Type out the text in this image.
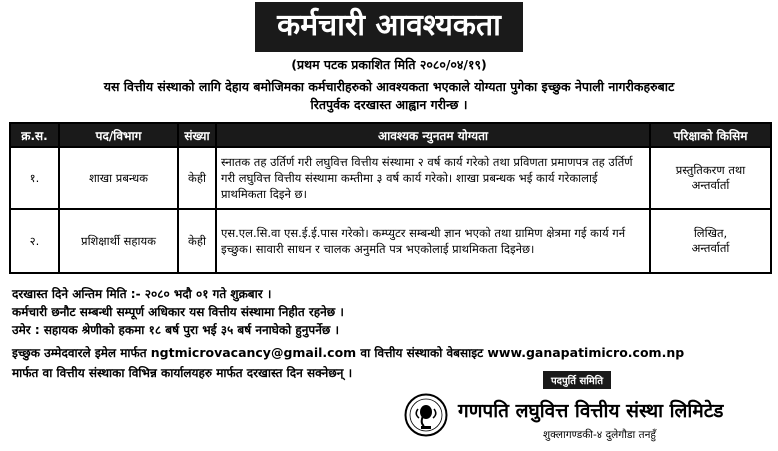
कर्मचारी आवश्यकता
(प्रथम पटक प्रकाशित मिति २०८०/०४/१९)
यस वित्तीय संस्थाको लागि देहाय बमोजिमका कर्मचारीहरुको आवश्यकता भएकाले योग्यता पुगेका इच्छुक नेपाली नागरीकहरुबाट
रितपुर्वक दरखास्त आह्वान गरीन्छ ।
क्र.स.	पद/विभाग	संख्या	आवश्यक न्युनतम योग्यता	परिक्षाको किसिम
१.	शाखा प्रबन्धक	केही	स्नातक तह उर्तिर्ण गरी लघुवित्त वित्तीय संस्थामा २ वर्ष कार्य गरेको तथा प्रविणता प्रमाणपत्र तह उर्तिर्ण गरी लघुवित्त वित्तीय संस्थामा कम्तीमा ३ वर्ष कार्य गरेको। शाखा प्रबन्धक भई कार्य गरेकालाई प्राथमिकता दिइने छ।	प्रस्तुतिकरण तथा
अन्तर्वार्ता

२.	प्रशिक्षार्थी सहायक	केही	एस.एल.सि.वा एस.ई.ई.पास गरेको। कम्प्युटर सम्बन्धी ज्ञान भएको तथा ग्रामिण क्षेत्रमा गई कार्य गर्न इच्छुक। सावारी साधन र चालक अनुमति पत्र भएकोलाई प्राथमिकता दिइनेछ।	लिखित,
अन्तर्वार्ता
दरखास्त दिने अन्तिम मिति :- २०८० भदौ ०१ गते शुक्रबार ।
कर्मचारी छनौट सम्बन्धी सम्पूर्ण अधिकार यस वित्तीय संस्थामा निहीत रहनेछ ।
उमेर : सहायक श्रेणीको हकमा १८ बर्ष पुरा भई ३५ बर्ष ननाघेको हुनुपर्नेछ ।
इच्छुक उम्मेदवारले इमेल मार्फत ngtmicrovacancy@gmail.com वा वित्तीय संस्थाको वेबसाइट www.ganapatimicro.com.np
मार्फत वा वित्तीय संस्थाका विभिन्न कार्यालयहरु मार्फत दरखास्त दिन सक्नेछन् ।
पदपुर्ति समिति
गणपति लघुवित्त वित्तीय संस्था लिमिटेड
शुक्लागण्डकी-४ दुलेगौडा तनहुँ
